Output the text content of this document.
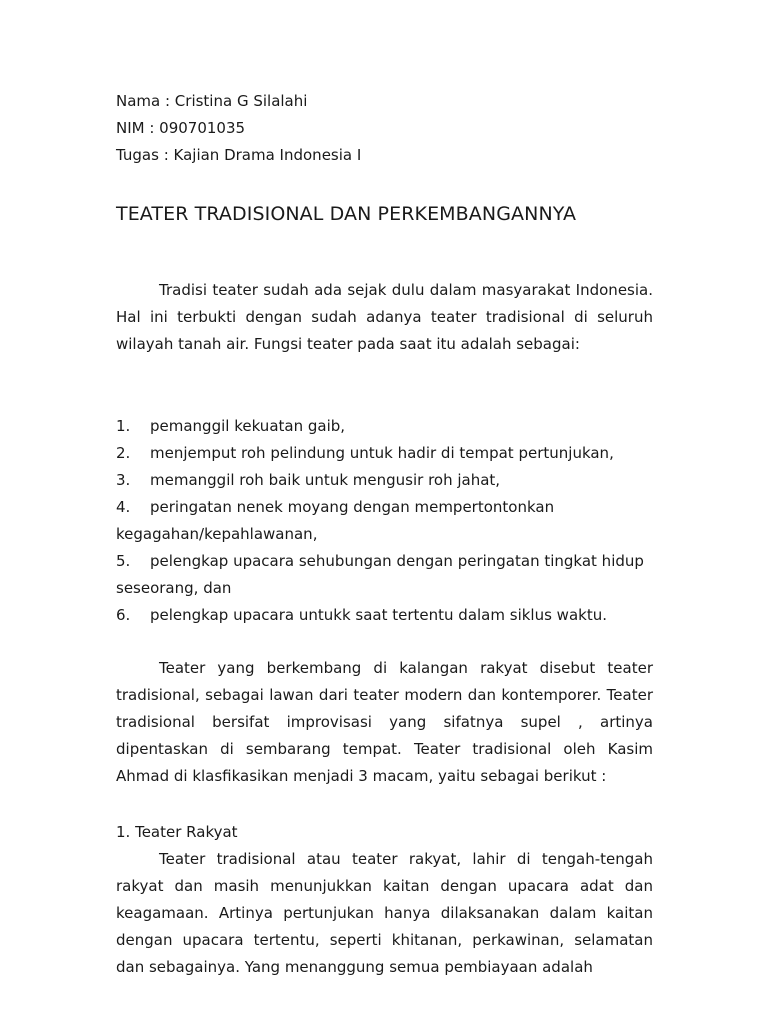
Nama : Cristina G Silalahi
NIM : 090701035
Tugas : Kajian Drama Indonesia I
TEATER TRADISIONAL DAN PERKEMBANGANNYA

Tradisi teater sudah ada sejak dulu dalam masyarakat Indonesia. Hal ini terbukti dengan sudah adanya teater tradisional di seluruh wilayah tanah air. Fungsi teater pada saat itu adalah sebagai:

1. pemanggil kekuatan gaib,
2. menjemput roh pelindung untuk hadir di tempat pertunjukan,
3. memanggil roh baik untuk mengusir roh jahat,
4. peringatan nenek moyang dengan mempertontonkan kegagahan/kepahlawanan,
5. pelengkap upacara sehubungan dengan peringatan tingkat hidup seseorang, dan
6. pelengkap upacara untukk saat tertentu dalam siklus waktu.

Teater yang berkembang di kalangan rakyat disebut teater tradisional, sebagai lawan dari teater modern dan kontemporer. Teater tradisional bersifat improvisasi yang sifatnya supel , artinya dipentaskan di sembarang tempat. Teater tradisional oleh Kasim Ahmad di klasfikasikan menjadi 3 macam, yaitu sebagai berikut :

1. Teater Rakyat

Teater tradisional atau teater rakyat, lahir di tengah-tengah rakyat dan masih menunjukkan kaitan dengan upacara adat dan keagamaan. Artinya pertunjukan hanya dilaksanakan dalam kaitan dengan upacara tertentu, seperti khitanan, perkawinan, selamatan dan sebagainya. Yang menanggung semua pembiayaan adalah
